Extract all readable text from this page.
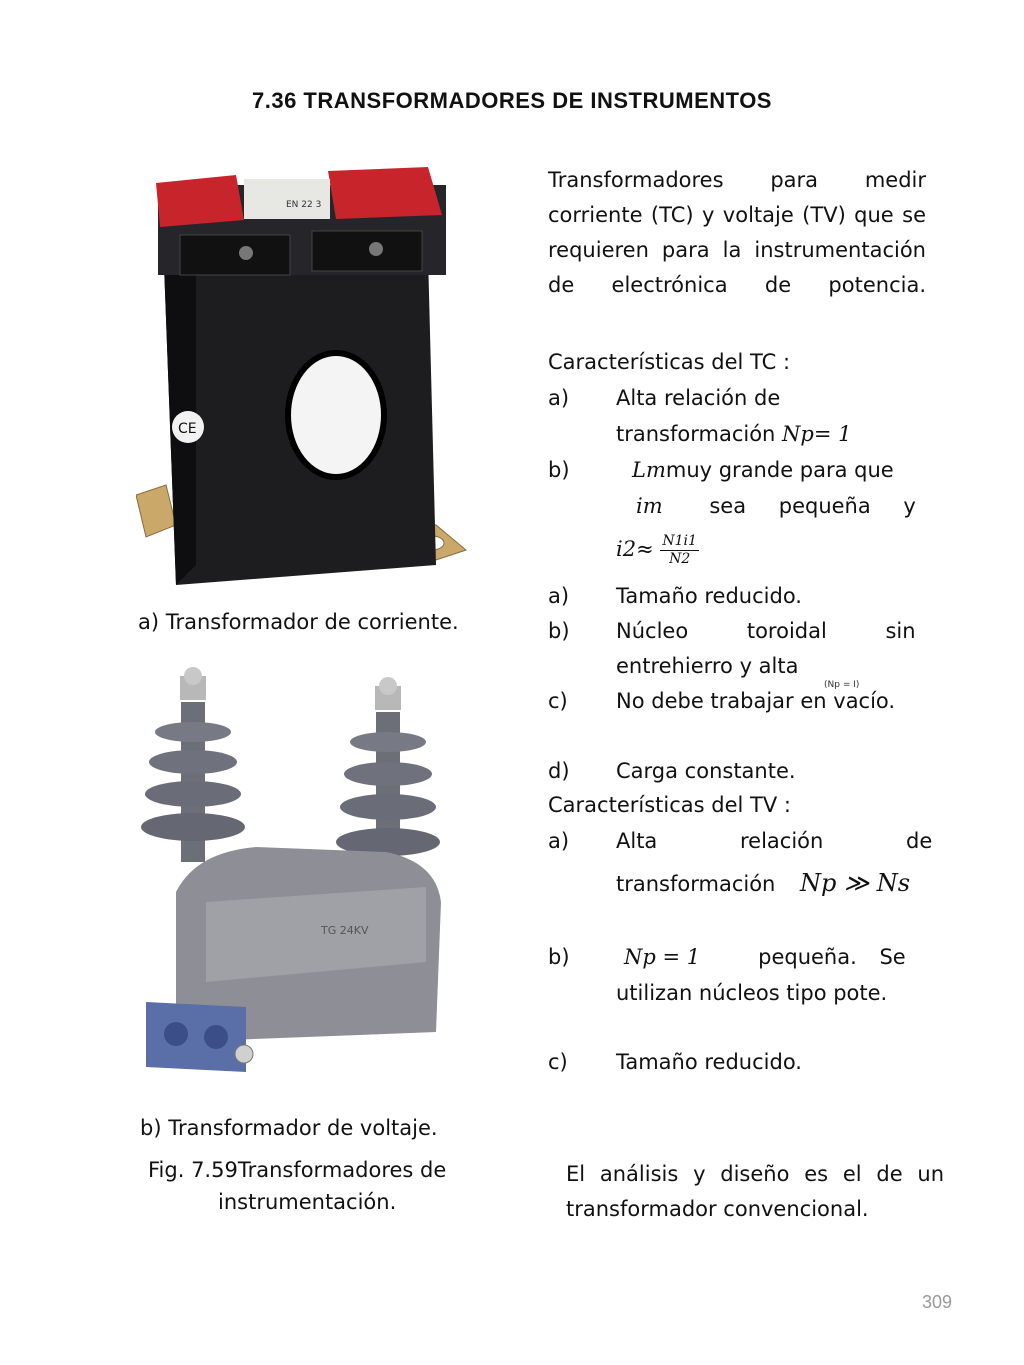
7.36 TRANSFORMADORES DE INSTRUMENTOS
EN 22 3
CE
a) Transformador de corriente.
TG 24KV
b) Transformador de voltaje.
Fig. 7.59Transformadores de
instrumentación.
Transformadores para medir corriente (TC) y voltaje (TV) que se requieren para la instrumentación de electrónica de potencia.
Características del TC :
a) Alta relación de
transformación Np= 1
b)	Lmmuy grande para que
im sea pequeña y
$i2\approx \frac{N1i1}{N2}$
a) Tamaño reducido.
b) Núcleo toroidal sin
entrehierro y alta
(Np = I)
c) No debe trabajar en vacío.
d) Carga constante.
Características del TV :
a) Alta relación de
transformación Np ≫ Ns
b)	Np = 1	pequeña. Se
utilizan núcleos tipo pote.
c) Tamaño reducido.
El análisis y diseño es el de un transformador convencional.
309
